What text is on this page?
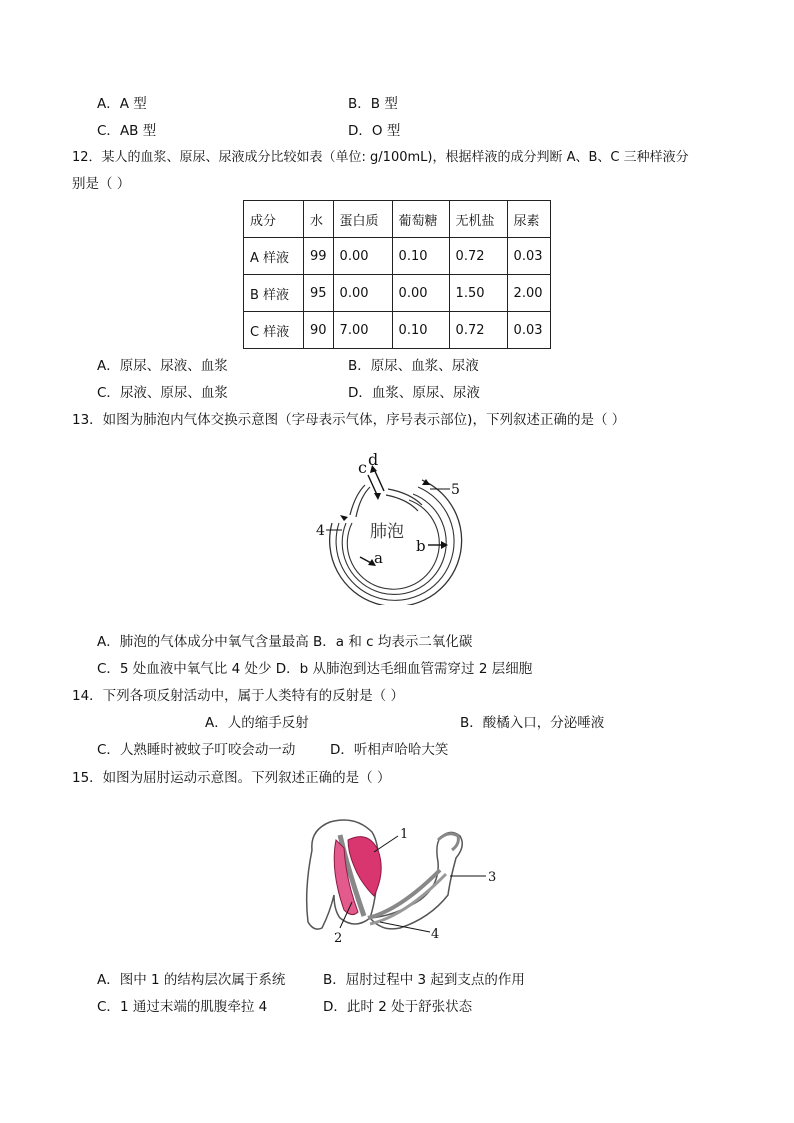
A．A 型	B．B 型
C．AB 型	D．O 型
12．某人的血浆、原尿、尿液成分比较如表（单位: g/100mL)，根据样液的成分判断 A、B、C 三种样液分
别是（ ）
成分	水	蛋白质	葡萄糖	无机盐	尿素
A 样液	99	0.00	0.10	0.72	0.03
B 样液	95	0.00	0.00	1.50	2.00
C 样液	90	7.00	0.10	0.72	0.03
A．原尿、尿液、血浆	B．原尿、血浆、尿液
C．尿液、原尿、血浆	D．血浆、原尿、尿液
13．如图为肺泡内气体交换示意图（字母表示气体，序号表示部位)，下列叙述正确的是（ ）
c d
a
b
4
5
肺泡
A．肺泡的气体成分中氧气含量最高 B．a 和 c 均表示二氧化碳
C．5 处血液中氧气比 4 处少 D．b 从肺泡到达毛细血管需穿过 2 层细胞
14．下列各项反射活动中，属于人类特有的反射是（ ）
A．人的缩手反射	B．酸橘入口，分泌唾液
C．人熟睡时被蚊子叮咬会动一动	D．听相声哈哈大笑
15．如图为屈肘运动示意图。下列叙述正确的是（ ）
1
2
3
4
A．图中 1 的结构层次属于系统	B．屈肘过程中 3 起到支点的作用
C．1 通过末端的肌腹牵拉 4	D．此时 2 处于舒张状态
